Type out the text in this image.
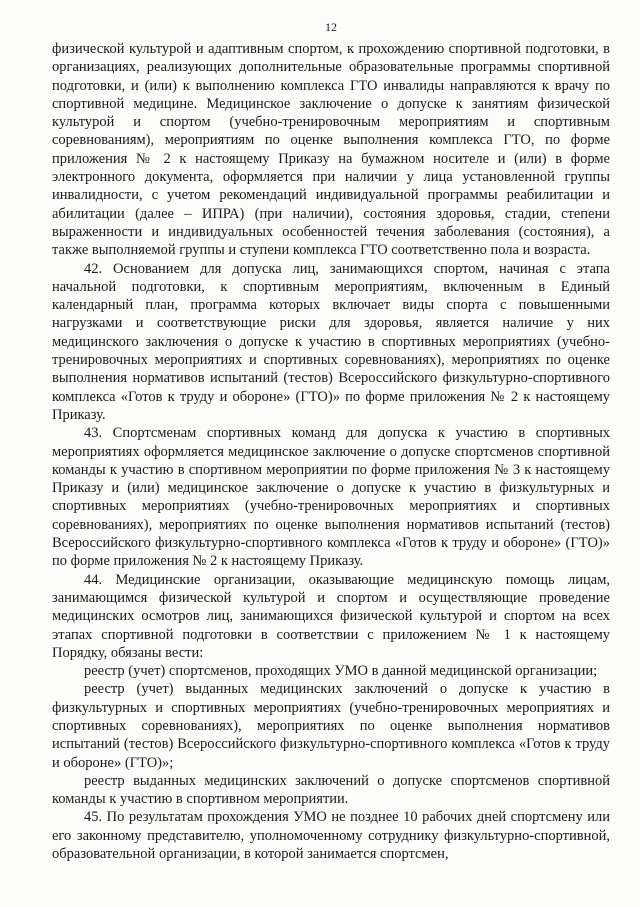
12

физической культурой и адаптивным спортом, к прохождению спортивной подготовки, в организациях, реализующих дополнительные образовательные программы спортивной подготовки, и (или) к выполнению комплекса ГТО инвалиды направляются к врачу по спортивной медицине. Медицинское заключение о допуске к занятиям физической культурой и спортом (учебно-тренировочным мероприятиям и спортивным соревнованиям), мероприятиям по оценке выполнения комплекса ГТО, по форме приложения № 2 к настоящему Приказу на бумажном носителе и (или) в форме электронного документа, оформляется при наличии у лица установленной группы инвалидности, с учетом рекомендаций индивидуальной программы реабилитации и абилитации (далее – ИПРА) (при наличии), состояния здоровья, стадии, степени выраженности и индивидуальных особенностей течения заболевания (состояния), а также выполняемой группы и ступени комплекса ГТО соответственно пола и возраста.

42. Основанием для допуска лиц, занимающихся спортом, начиная с этапа начальной подготовки, к спортивным мероприятиям, включенным в Единый календарный план, программа которых включает виды спорта с повышенными нагрузками и соответствующие риски для здоровья, является наличие у них медицинского заключения о допуске к участию в спортивных мероприятиях (учебно-тренировочных мероприятиях и спортивных соревнованиях), мероприятиях по оценке выполнения нормативов испытаний (тестов) Всероссийского физкультурно-спортивного комплекса «Готов к труду и обороне» (ГТО)» по форме приложения № 2 к настоящему Приказу.

43. Спортсменам спортивных команд для допуска к участию в спортивных мероприятиях оформляется медицинское заключение о допуске спортсменов спортивной команды к участию в спортивном мероприятии по форме приложения № 3 к настоящему Приказу и (или) медицинское заключение о допуске к участию в физкультурных и спортивных мероприятиях (учебно-тренировочных мероприятиях и спортивных соревнованиях), мероприятиях по оценке выполнения нормативов испытаний (тестов) Всероссийского физкультурно-спортивного комплекса «Готов к труду и обороне» (ГТО)» по форме приложения № 2 к настоящему Приказу.

44. Медицинские организации, оказывающие медицинскую помощь лицам, занимающимся физической культурой и спортом и осуществляющие проведение медицинских осмотров лиц, занимающихся физической культурой и спортом на всех этапах спортивной подготовки в соответствии с приложением № 1 к настоящему Порядку, обязаны вести:

реестр (учет) спортсменов, проходящих УМО в данной медицинской организации;

реестр (учет) выданных медицинских заключений о допуске к участию в физкультурных и спортивных мероприятиях (учебно-тренировочных мероприятиях и спортивных соревнованиях), мероприятиях по оценке выполнения нормативов испытаний (тестов) Всероссийского физкультурно-спортивного комплекса «Готов к труду и обороне» (ГТО)»;

реестр выданных медицинских заключений о допуске спортсменов спортивной команды к участию в спортивном мероприятии.

45. По результатам прохождения УМО не позднее 10 рабочих дней спортсмену или его законному представителю, уполномоченному сотруднику физкультурно-спортивной, образовательной организации, в которой занимается спортсмен,
